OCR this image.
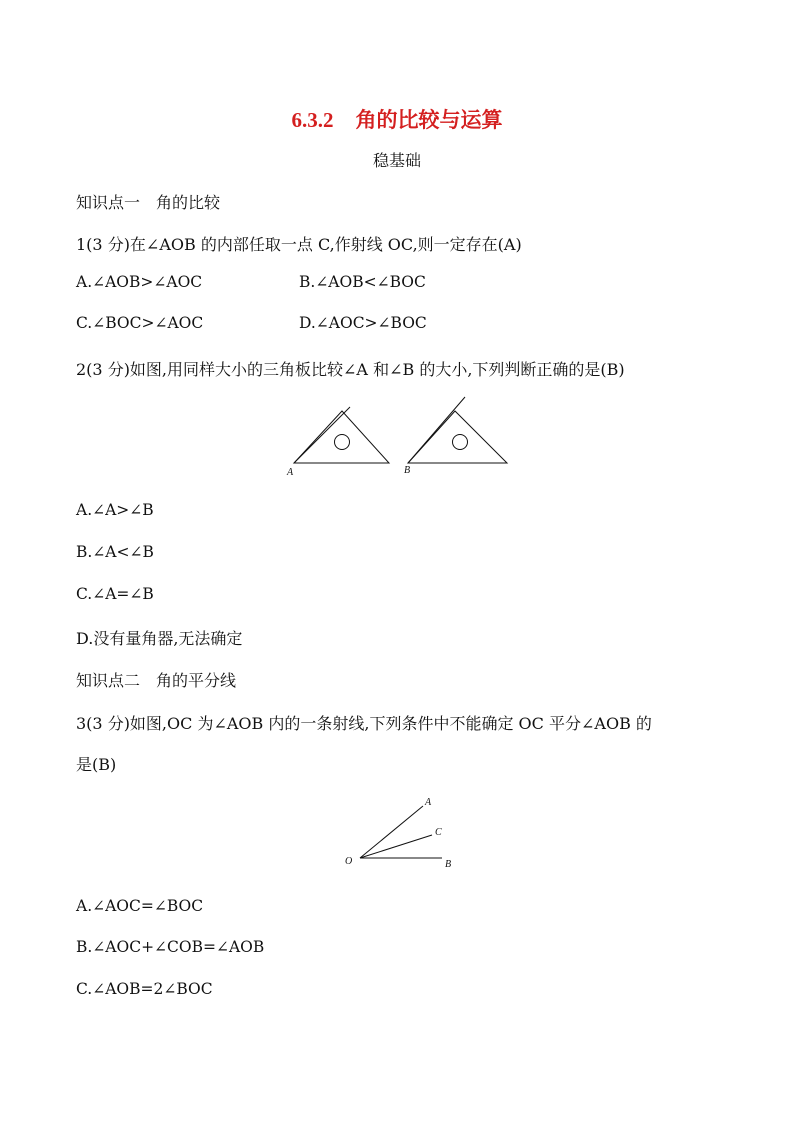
6.3.2 角的比较与运算
稳基础
知识点一　角的比较
1(3 分)在∠AOB 的内部任取一点 C,作射线 OC,则一定存在(A)
A.∠AOB>∠AOC	B.∠AOB<∠BOC
C.∠BOC>∠AOC	D.∠AOC>∠BOC
2(3 分)如图,用同样大小的三角板比较∠A 和∠B 的大小,下列判断正确的是(B)
A	B
A.∠A>∠B
B.∠A<∠B
C.∠A=∠B
D.没有量角器,无法确定
知识点二　角的平分线
3(3 分)如图,OC 为∠AOB 内的一条射线,下列条件中不能确定 OC 平分∠AOB 的
是(B)
O
A
C
B
A.∠AOC=∠BOC
B.∠AOC+∠COB=∠AOB
C.∠AOB=2∠BOC
